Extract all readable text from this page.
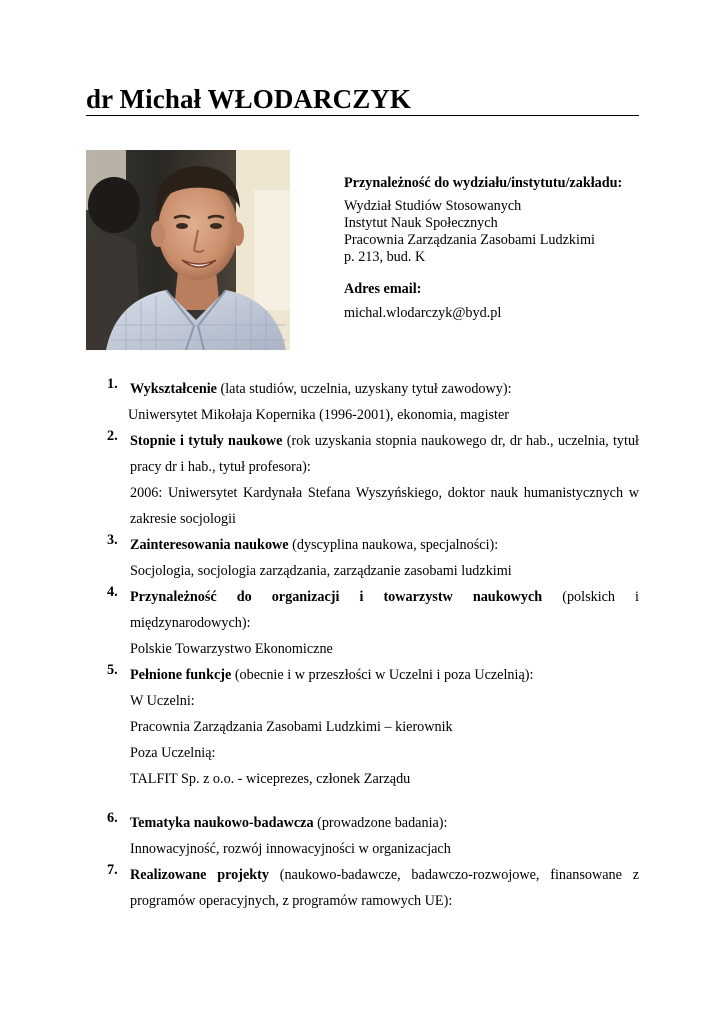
dr Michał WŁODARCZYK

Przynależność do wydziału/instytutu/zakładu:

Wydział Studiów Stosowanych

Instytut Nauk Społecznych

Pracownia Zarządzania Zasobami Ludzkimi

p. 213, bud. K

Adres email:

michal.wlodarczyk@byd.pl

1. Wykształcenie (lata studiów, uczelnia, uzyskany tytuł zawodowy):

Uniwersytet Mikołaja Kopernika (1996-2001), ekonomia, magister

2. Stopnie i tytuły naukowe (rok uzyskania stopnia naukowego dr, dr hab., uczelnia, tytuł pracy dr i hab., tytuł profesora):

2006: Uniwersytet Kardynała Stefana Wyszyńskiego, doktor nauk humanistycznych w zakresie socjologii

3. Zainteresowania naukowe (dyscyplina naukowa, specjalności):

Socjologia, socjologia zarządzania, zarządzanie zasobami ludzkimi

4. Przynależność do organizacji i towarzystw naukowych (polskich i międzynarodowych):

Polskie Towarzystwo Ekonomiczne

5. Pełnione funkcje (obecnie i w przeszłości w Uczelni i poza Uczelnią):

W Uczelni:

Pracownia Zarządzania Zasobami Ludzkimi – kierownik

Poza Uczelnią:

TALFIT Sp. z o.o. - wiceprezes, członek Zarządu

6. Tematyka naukowo-badawcza (prowadzone badania):

Innowacyjność, rozwój innowacyjności w organizacjach

7. Realizowane projekty (naukowo-badawcze, badawczo-rozwojowe, finansowane z programów operacyjnych, z programów ramowych UE):
